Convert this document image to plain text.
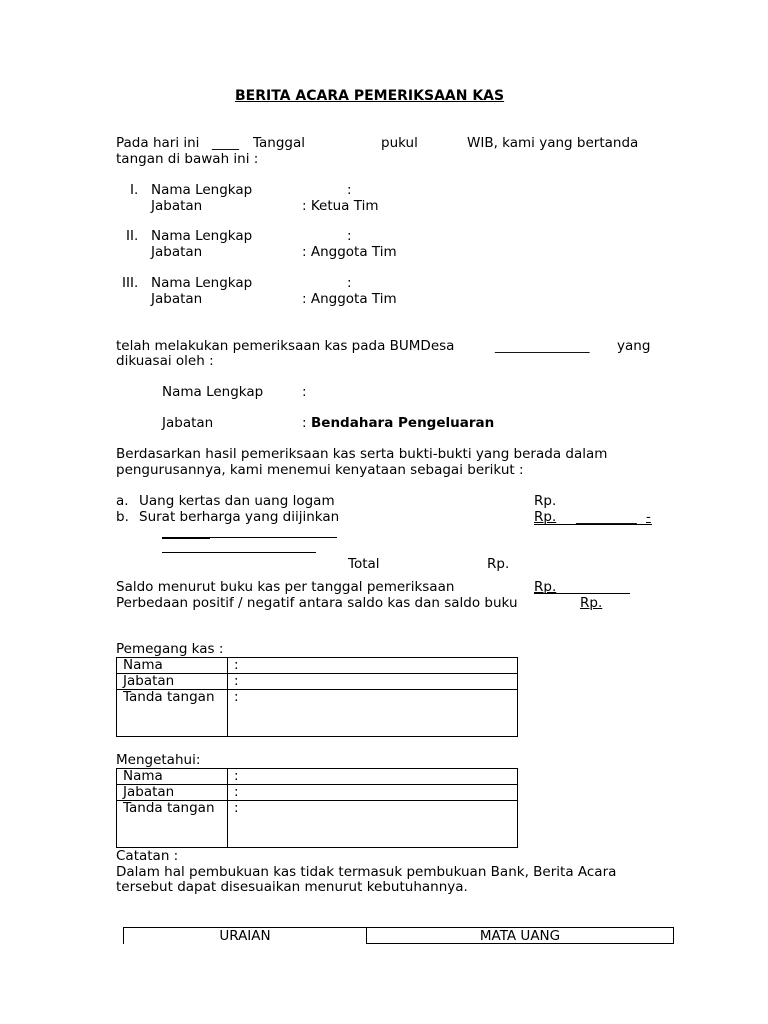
BERITA ACARA PEMERIKSAAN KAS
Pada hari ini ____ Tanggal	pukul	WIB, kami yang bertanda
tangan di bawah ini :
I. Nama Lengkap	:
Jabatan	: Ketua Tim
II. Nama Lengkap	:
Jabatan	: Anggota Tim
III. Nama Lengkap	:
Jabatan	: Anggota Tim
telah melakukan pemeriksaan kas pada BUMDesa	______________ yang
dikuasai oleh :
Nama Lengkap	:
Jabatan	: Bendahara Pengeluaran
Berdasarkan hasil pemeriksaan kas serta bukti-bukti yang berada dalam
pengurusannya, kami menemui kenyataan sebagai berikut :
a. Uang kertas dan uang logam	Rp.
b. Surat berharga yang diijinkan	Rp. _________ -
Total	Rp.
Saldo menurut buku kas per tanggal pemeriksaan	Rp.
Perbedaan positif / negatif antara saldo kas dan saldo buku	Rp.
Pemegang kas :
Nama	:
Jabatan	:
Tanda tangan	:
Mengetahui:
Nama	:
Jabatan	:
Tanda tangan	:
Catatan :
Dalam hal pembukuan kas tidak termasuk pembukuan Bank, Berita Acara
tersebut dapat disesuaikan menurut kebutuhannya.
URAIAN	MATA UANG
